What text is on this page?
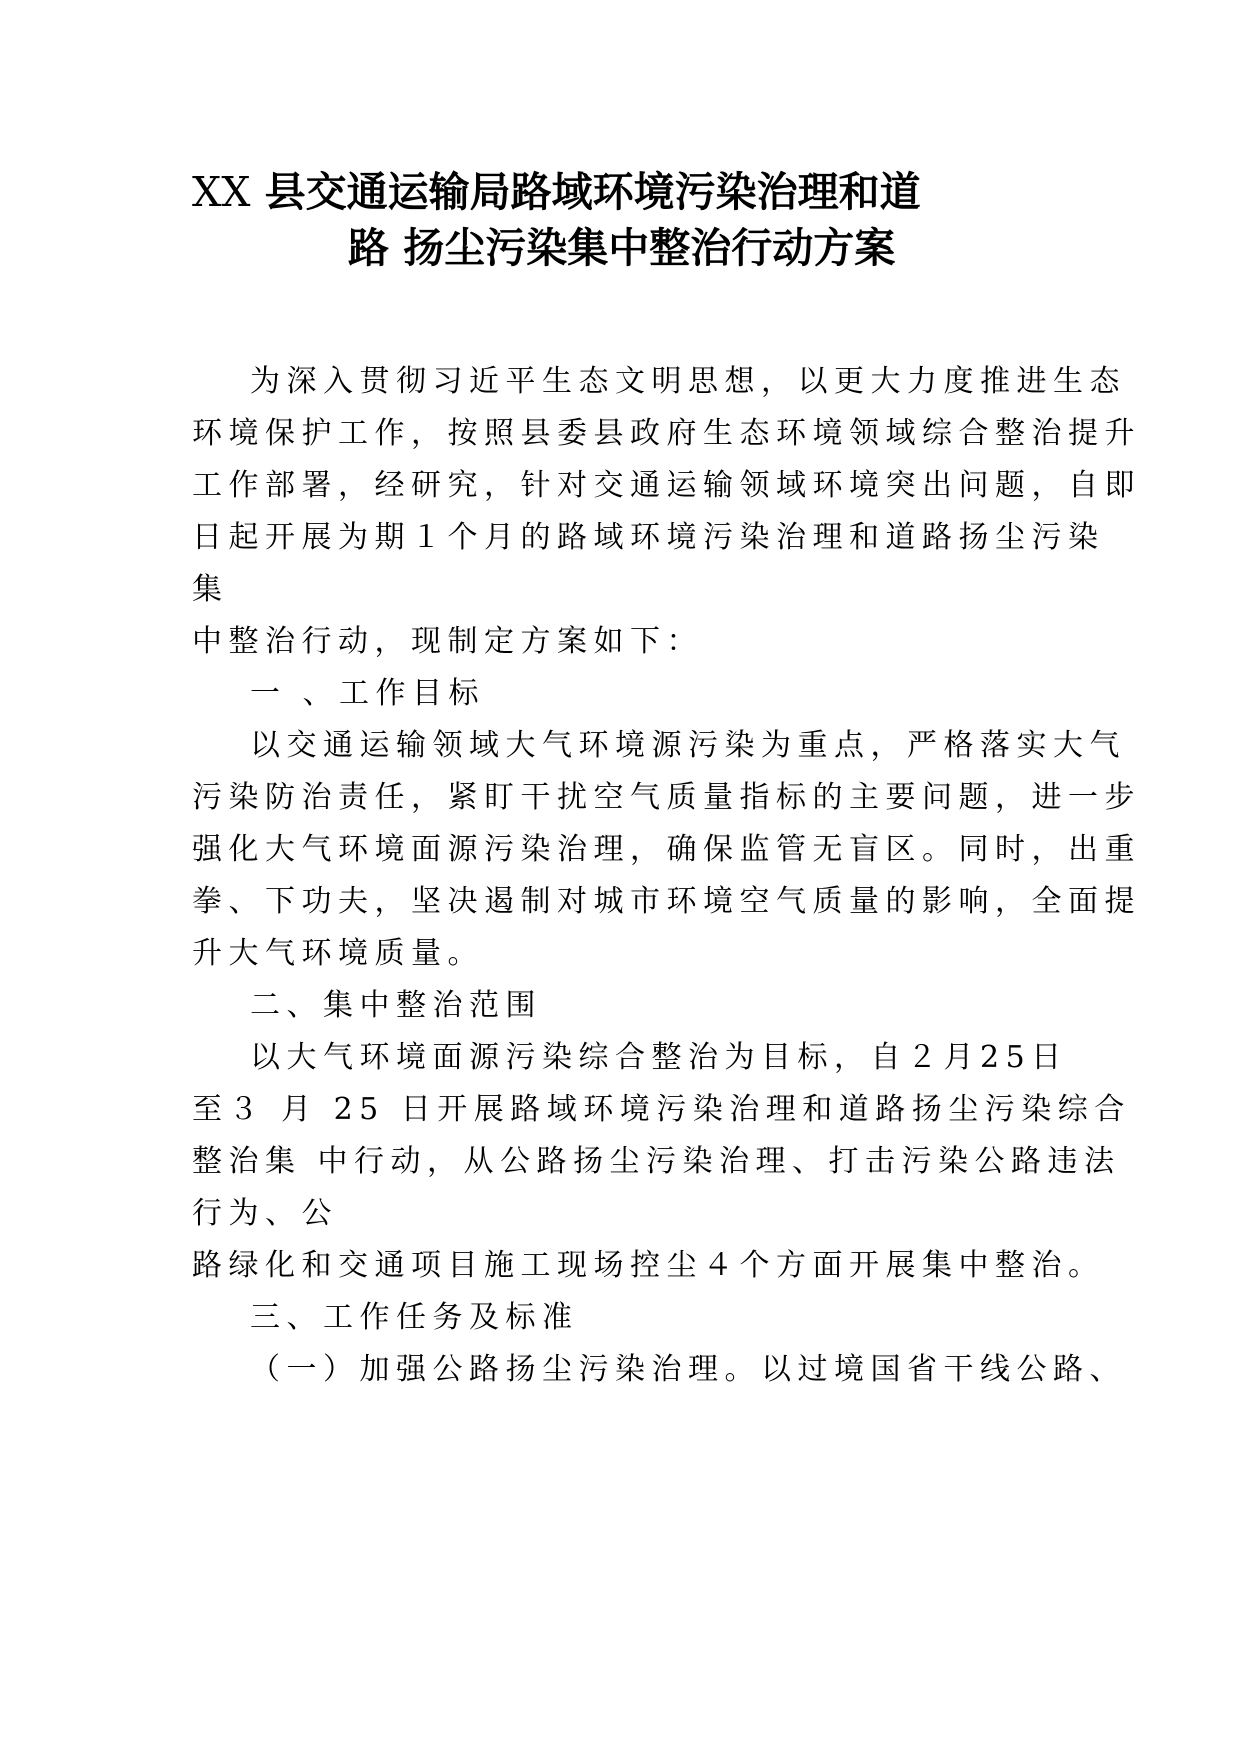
XX 县交通运输局路域环境污染治理和道
路 扬尘污染集中整治行动方案

为深入贯彻习近平生态文明思想，以更大力度推进生态

环境保护工作，按照县委县政府生态环境领域综合整治提升

工作部署，经研究，针对交通运输领域环境突出问题，自即

日起开展为期１个月的路域环境污染治理和道路扬尘污染

集

中整治行动，现制定方案如下：

一 、工作目标

以交通运输领域大气环境源污染为重点，严格落实大气

污染防治责任，紧盯干扰空气质量指标的主要问题，进一步

强化大气环境面源污染治理，确保监管无盲区。同时，出重

拳、下功夫，坚决遏制对城市环境空气质量的影响，全面提

升大气环境质量。

二、集中整治范围

以大气环境面源污染综合整治为目标，自２月25日

至３ 月 25 日开展路域环境污染治理和道路扬尘污染综合

整治集 中行动，从公路扬尘污染治理、打击污染公路违法

行为、公

路绿化和交通项目施工现场控尘４个方面开展集中整治。

三、工作任务及标准

（一）加强公路扬尘污染治理。以过境国省干线公路、
